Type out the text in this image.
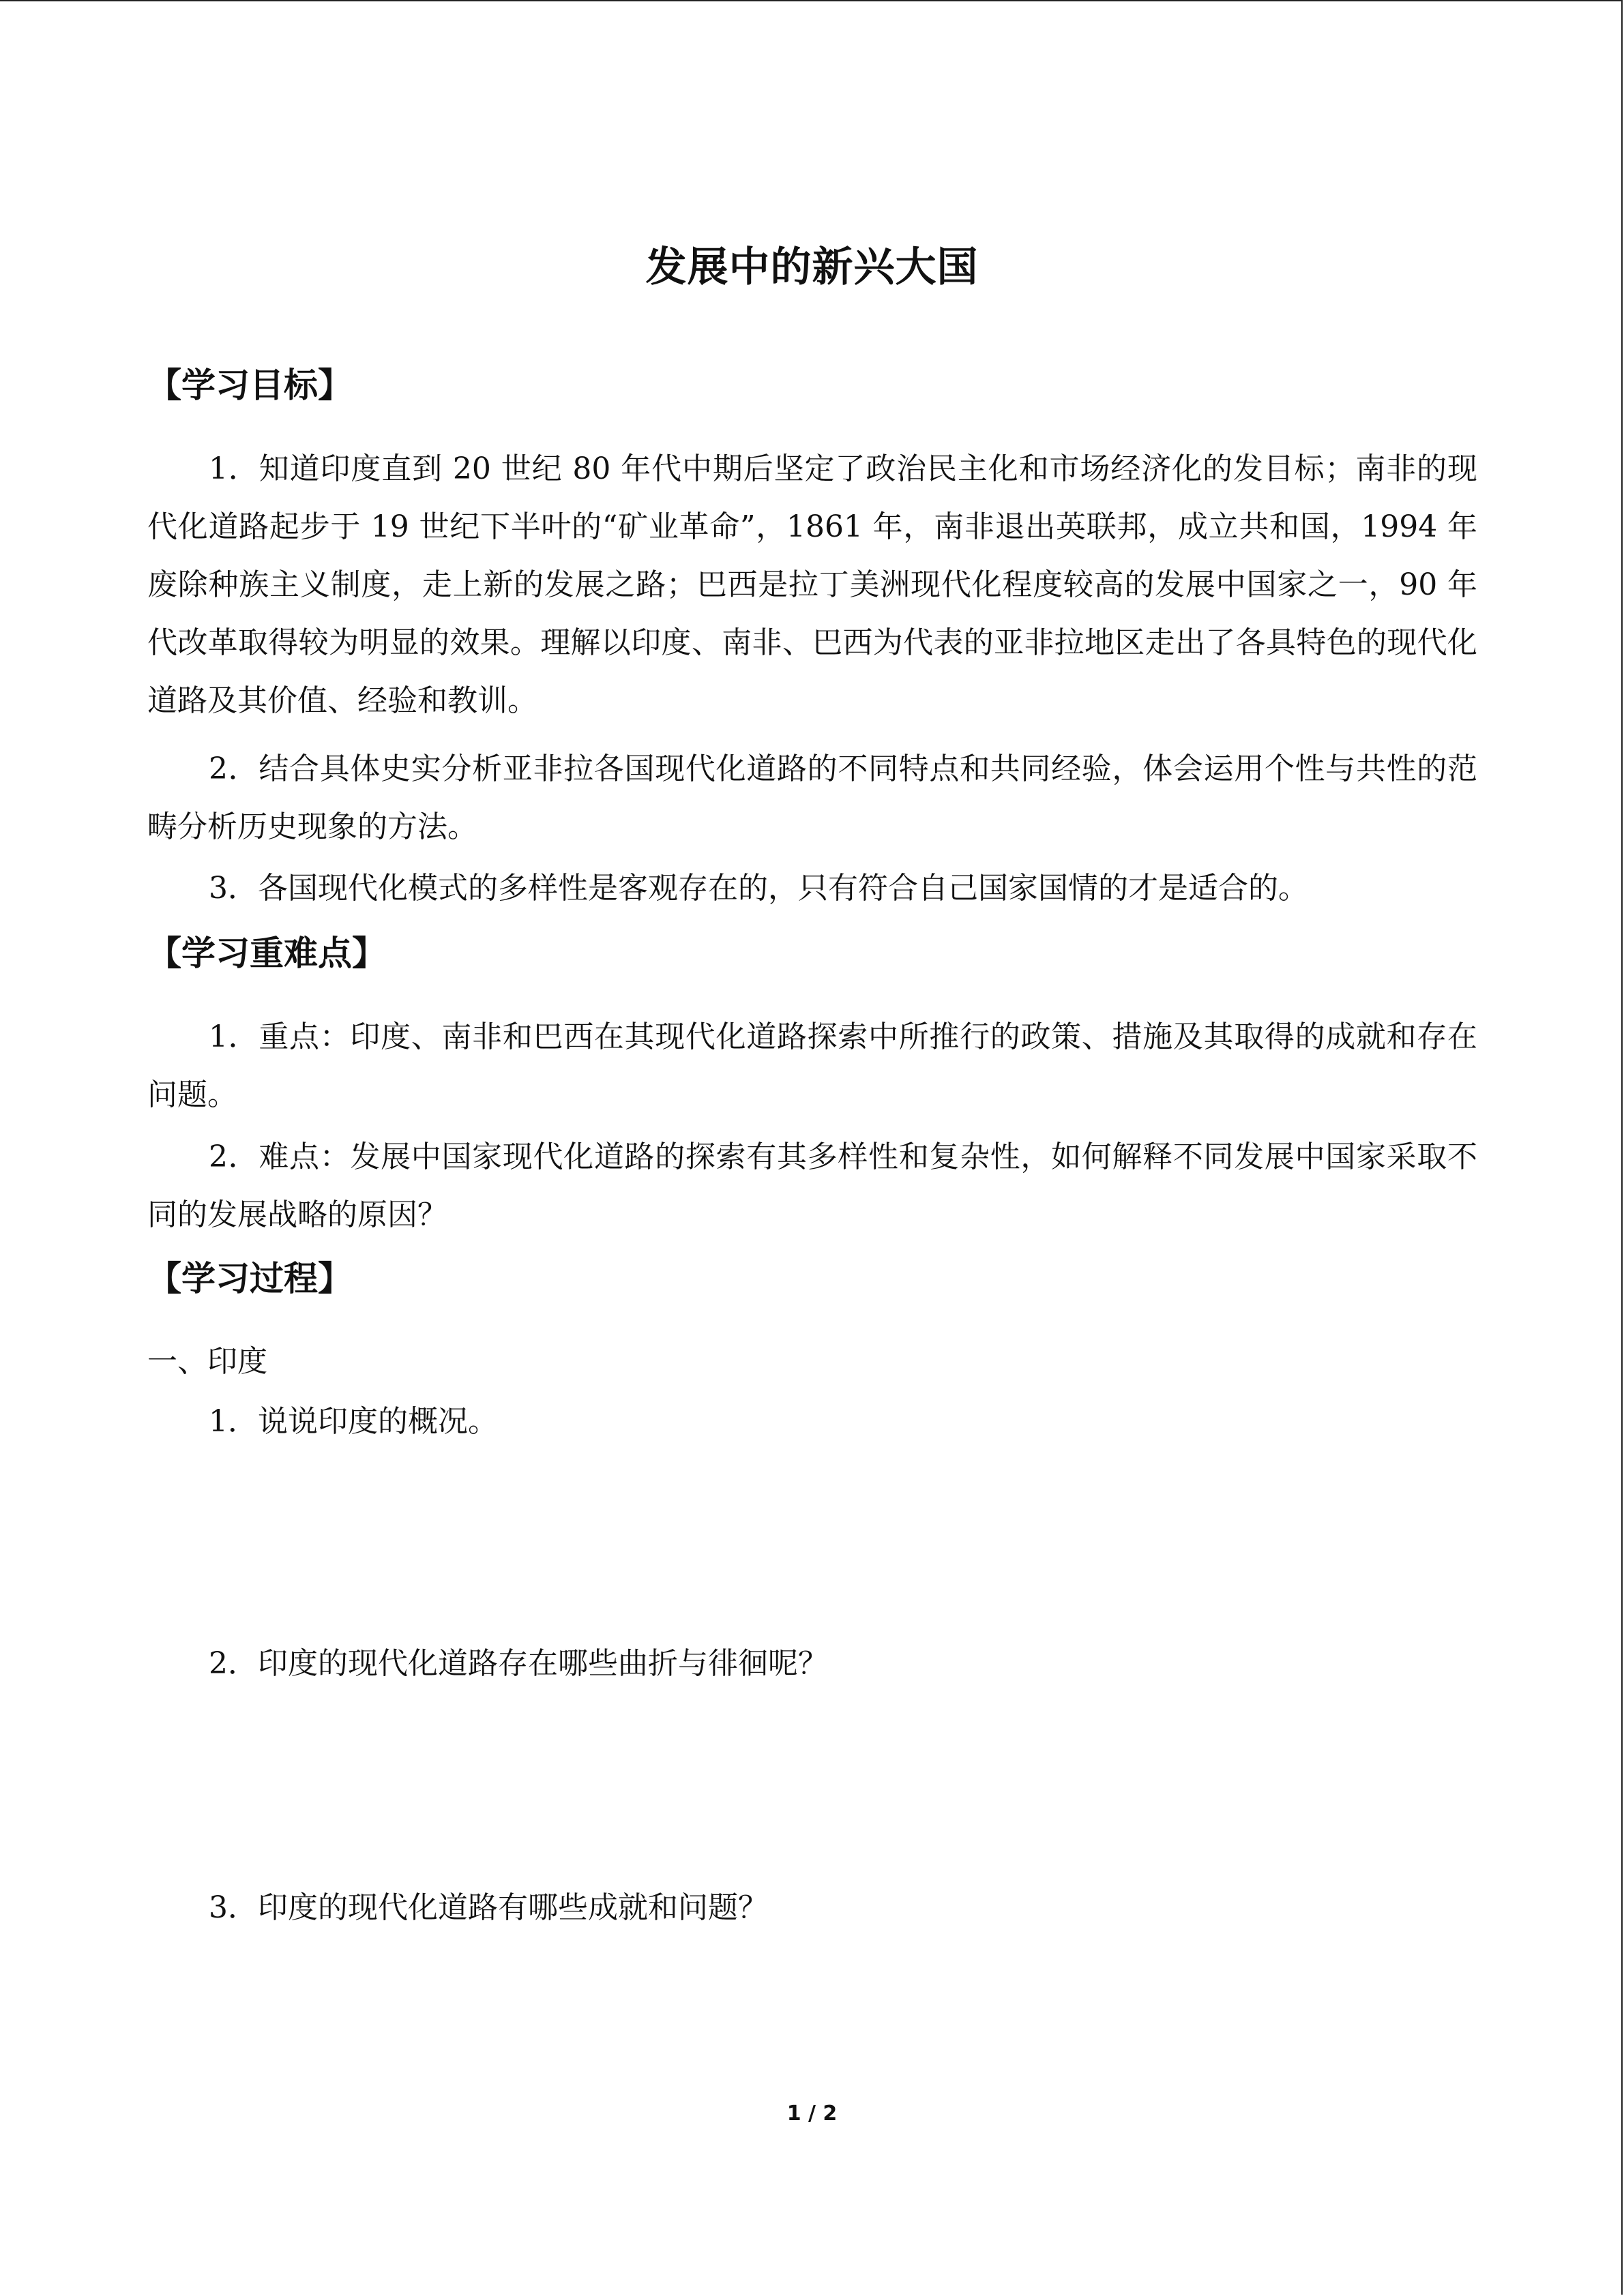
发展中的新兴大国
【学习目标】

1．知道印度直到 20 世纪 80 年代中期后坚定了政治民主化和市场经济化的发目标；南非的现代化道路起步于 19 世纪下半叶的“矿业革命”，1861 年，南非退出英联邦，成立共和国，1994 年废除种族主义制度，走上新的发展之路；巴西是拉丁美洲现代化程度较高的发展中国家之一，90 年代改革取得较为明显的效果。理解以印度、南非、巴西为代表的亚非拉地区走出了各具特色的现代化道路及其价值、经验和教训。

2．结合具体史实分析亚非拉各国现代化道路的不同特点和共同经验，体会运用个性与共性的范畴分析历史现象的方法。

3．各国现代化模式的多样性是客观存在的，只有符合自己国家国情的才是适合的。

【学习重难点】

1．重点：印度、南非和巴西在其现代化道路探索中所推行的政策、措施及其取得的成就和存在问题。

2．难点：发展中国家现代化道路的探索有其多样性和复杂性，如何解释不同发展中国家采取不同的发展战略的原因？

【学习过程】

一、印度

1．说说印度的概况。

2．印度的现代化道路存在哪些曲折与徘徊呢？

3．印度的现代化道路有哪些成就和问题？

1 / 2
